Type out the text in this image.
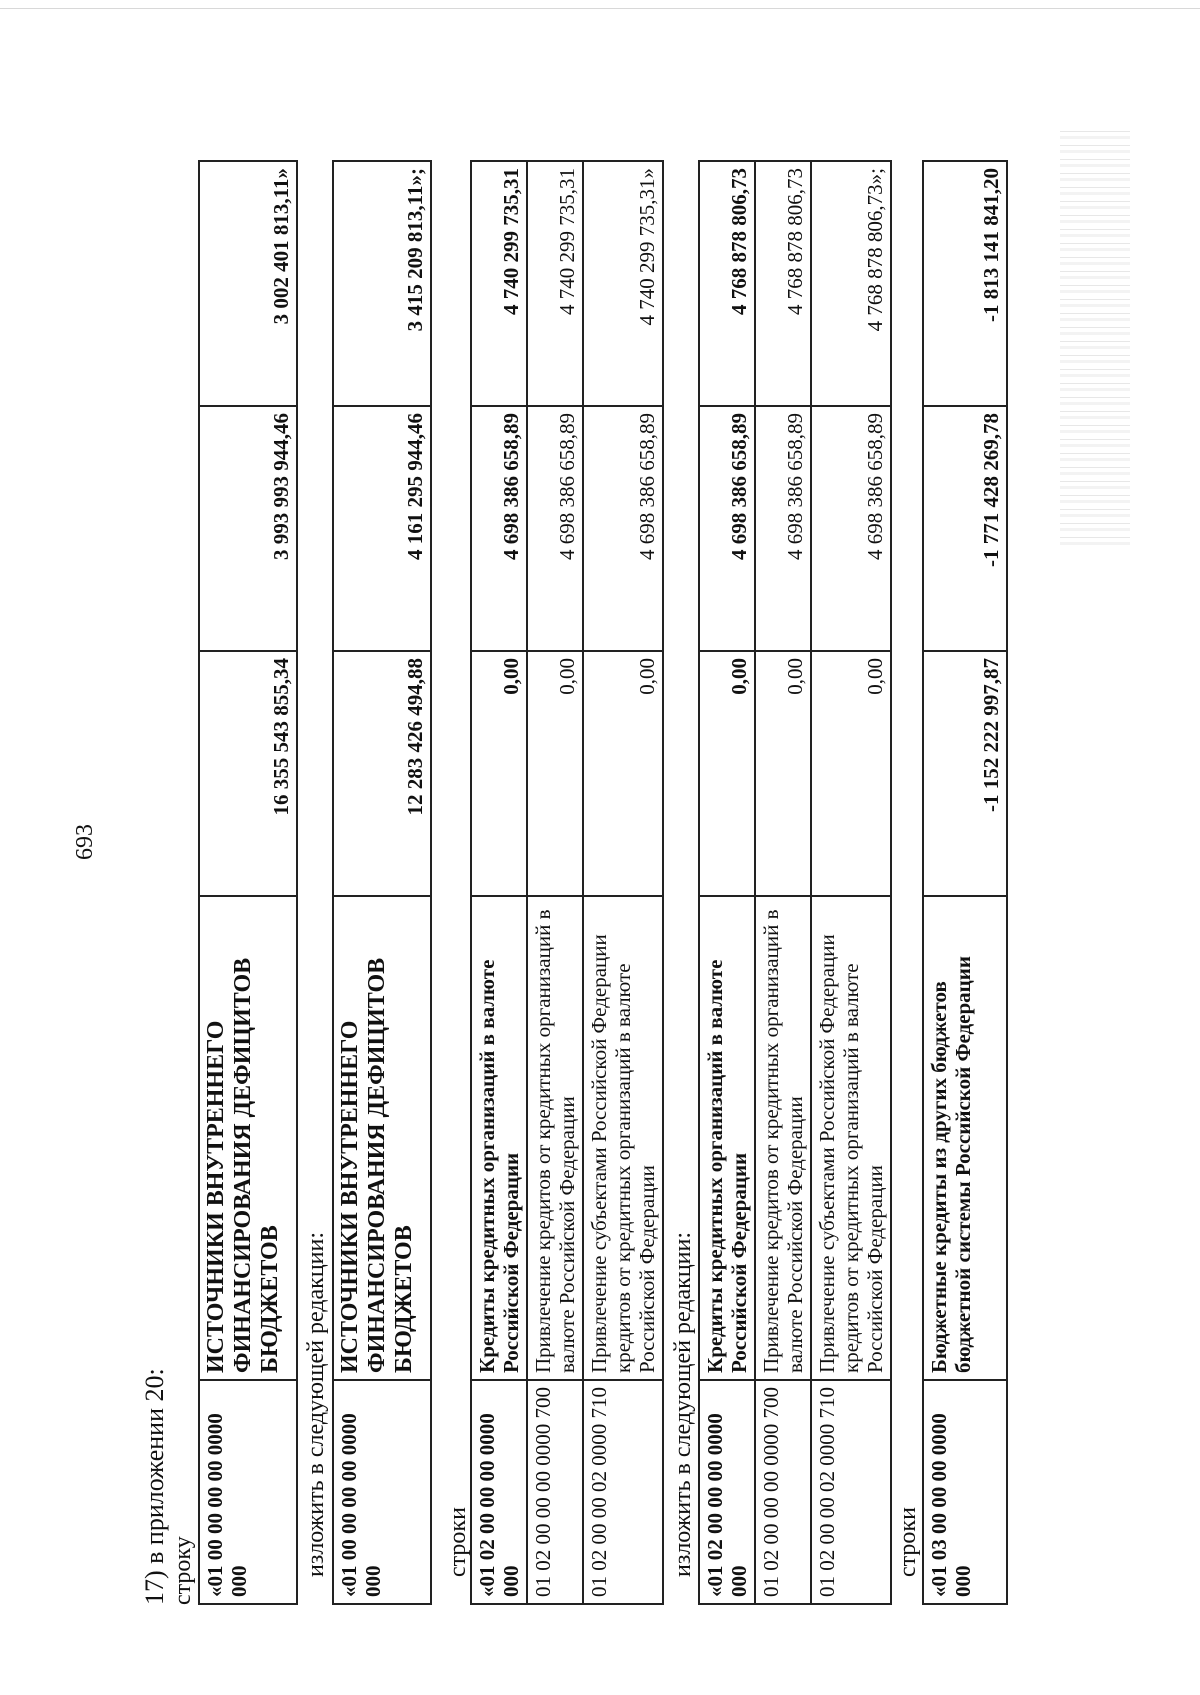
693
17) в приложении 20: строку «01 00 00 00 00 0000 000	ИСТОЧНИКИ ВНУТРЕННЕГО ФИНАНСИРОВАНИЯ ДЕФИЦИТОВ БЮДЖЕТОВ	16 355 543 855,34	3 993 993 944,46	3 002 401 813,11»
изложить в следующей редакции: «01 00 00 00 00 0000 000	ИСТОЧНИКИ ВНУТРЕННЕГО ФИНАНСИРОВАНИЯ ДЕФИЦИТОВ БЮДЖЕТОВ	12 283 426 494,88	4 161 295 944,46	3 415 209 813,11»;
строки «01 02 00 00 00 0000 000	Кредиты кредитных организаций в валюте Российской Федерации	0,00	4 698 386 658,89	4 740 299 735,31
01 02 00 00 00 0000 700	Привлечение кредитов от кредитных организаций в валюте Российской Федерации	0,00	4 698 386 658,89	4 740 299 735,31
01 02 00 00 02 0000 710	Привлечение субъектами Российской Федерации кредитов от кредитных организаций в валюте Российской Федерации	0,00	4 698 386 658,89	4 740 299 735,31»
изложить в следующей редакции: «01 02 00 00 00 0000 000	Кредиты кредитных организаций в валюте Российской Федерации	0,00	4 698 386 658,89	4 768 878 806,73
01 02 00 00 00 0000 700	Привлечение кредитов от кредитных организаций в валюте Российской Федерации	0,00	4 698 386 658,89	4 768 878 806,73
01 02 00 00 02 0000 710	Привлечение субъектами Российской Федерации кредитов от кредитных организаций в валюте Российской Федерации	0,00	4 698 386 658,89	4 768 878 806,73»;
строки «01 03 00 00 00 0000 000	Бюджетные кредиты из других бюджетов бюджетной системы Российской Федерации	-1 152 222 997,87	-1 771 428 269,78	-1 813 141 841,20
